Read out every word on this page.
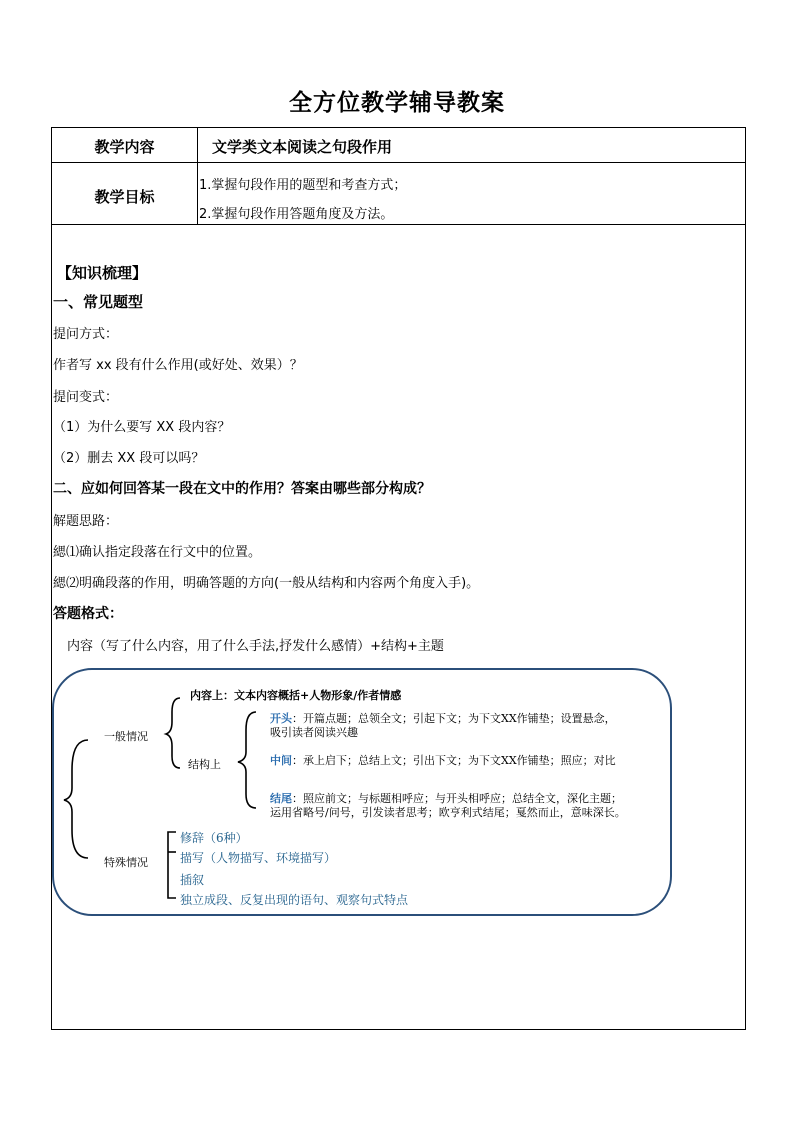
全方位教学辅导教案
教学内容	文学类文本阅读之句段作用
教学目标
1.掌握句段作用的题型和考查方式；
2.掌握句段作用答题角度及方法。
【知识梳理】
一、常见题型
提问方式：
作者写 xx 段有什么作用(或好处、效果）？
提问变式：
（1）为什么要写 XX 段内容？
（2）删去 XX 段可以吗？
二、应如何回答某一段在文中的作用？答案由哪些部分构成？
解题思路：
緦⑴确认指定段落在行文中的位置。
緦⑵明确段落的作用，明确答题的方向(一般从结构和内容两个角度入手)。
答题格式：
内容（写了什么内容，用了什么手法,抒发什么感情）+结构+主题
一般情况
内容上：文本内容概括+人物形象/作者情感
结构上
开头：开篇点题；总领全文；引起下文；为下文XX作铺垫；设置悬念，
吸引读者阅读兴趣
中间：承上启下；总结上文；引出下文；为下文XX作铺垫；照应；对比
结尾：照应前文；与标题相呼应；与开头相呼应；总结全文，深化主题；
运用省略号/问号，引发读者思考；欧亨利式结尾；戛然而止，意味深长。
特殊情况
修辞（6种）
描写（人物描写、环境描写）
插叙
独立成段、反复出现的语句、观察句式特点
